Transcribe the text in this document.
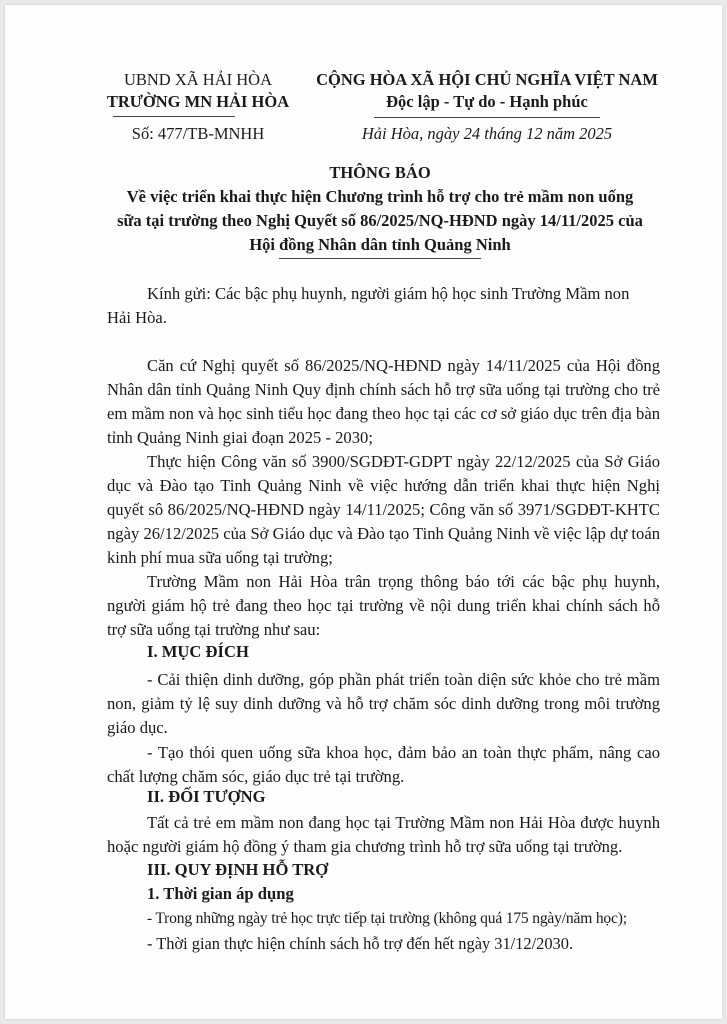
UBND XÃ HẢI HÒA
TRƯỜNG MN HẢI HÒA
Số: 477/TB-MNHH
CỘNG HÒA XÃ HỘI CHỦ NGHĨA VIỆT NAM
Độc lập - Tự do - Hạnh phúc
Hải Hòa, ngày 24 tháng 12 năm 2025
THÔNG BÁO
Về việc triển khai thực hiện Chương trình hỗ trợ cho trẻ mầm non uống
sữa tại trường theo Nghị Quyết số 86/2025/NQ-HĐND ngày 14/11/2025 của
Hội đồng Nhân dân tỉnh Quảng Ninh
Kính gửi: Các bậc phụ huynh, người giám hộ học sinh Trường Mầm non
Hải Hòa.
Căn cứ Nghị quyết số 86/2025/NQ-HĐND ngày 14/11/2025 của Hội đồng Nhân dân tỉnh Quảng Ninh Quy định chính sách hỗ trợ sữa uống tại trường cho trẻ em mầm non và học sinh tiểu học đang theo học tại các cơ sở giáo dục trên địa bàn tỉnh Quảng Ninh giai đoạn 2025 - 2030;
Thực hiện Công văn số 3900/SGDĐT-GDPT ngày 22/12/2025 của Sở Giáo dục và Đào tạo Tinh Quảng Ninh về việc hướng dẫn triển khai thực hiện Nghị quyết sô 86/2025/NQ-HĐND ngày 14/11/2025; Công văn số 3971/SGDĐT-KHTC ngày 26/12/2025 của Sở Giáo dục và Đào tạo Tinh Quảng Ninh về việc lập dự toán kinh phí mua sữa uống tại trường;
Trường Mầm non Hải Hòa trân trọng thông báo tới các bậc phụ huynh, người giám hộ trẻ đang theo học tại trường về nội dung triển khai chính sách hỗ trợ sữa uống tại trường như sau:
I. MỤC ĐÍCH
- Cải thiện dinh dưỡng, góp phần phát triển toàn diện sức khỏe cho trẻ mầm non, giảm tỷ lệ suy dinh dưỡng và hỗ trợ chăm sóc dinh dưỡng trong môi trường giáo dục.
- Tạo thói quen uống sữa khoa học, đảm bảo an toàn thực phẩm, nâng cao chất lượng chăm sóc, giáo dục trẻ tại trường.
II. ĐỐI TƯỢNG
Tất cả trẻ em mầm non đang học tại Trường Mầm non Hải Hòa được huynh hoặc người giám hộ đồng ý tham gia chương trình hỗ trợ sữa uống tại trường.
III. QUY ĐỊNH HỖ TRỢ
1. Thời gian áp dụng
- Trong những ngày trẻ học trực tiếp tại trường (không quá 175 ngày/năm học);
- Thời gian thực hiện chính sách hỗ trợ đến hết ngày 31/12/2030.
